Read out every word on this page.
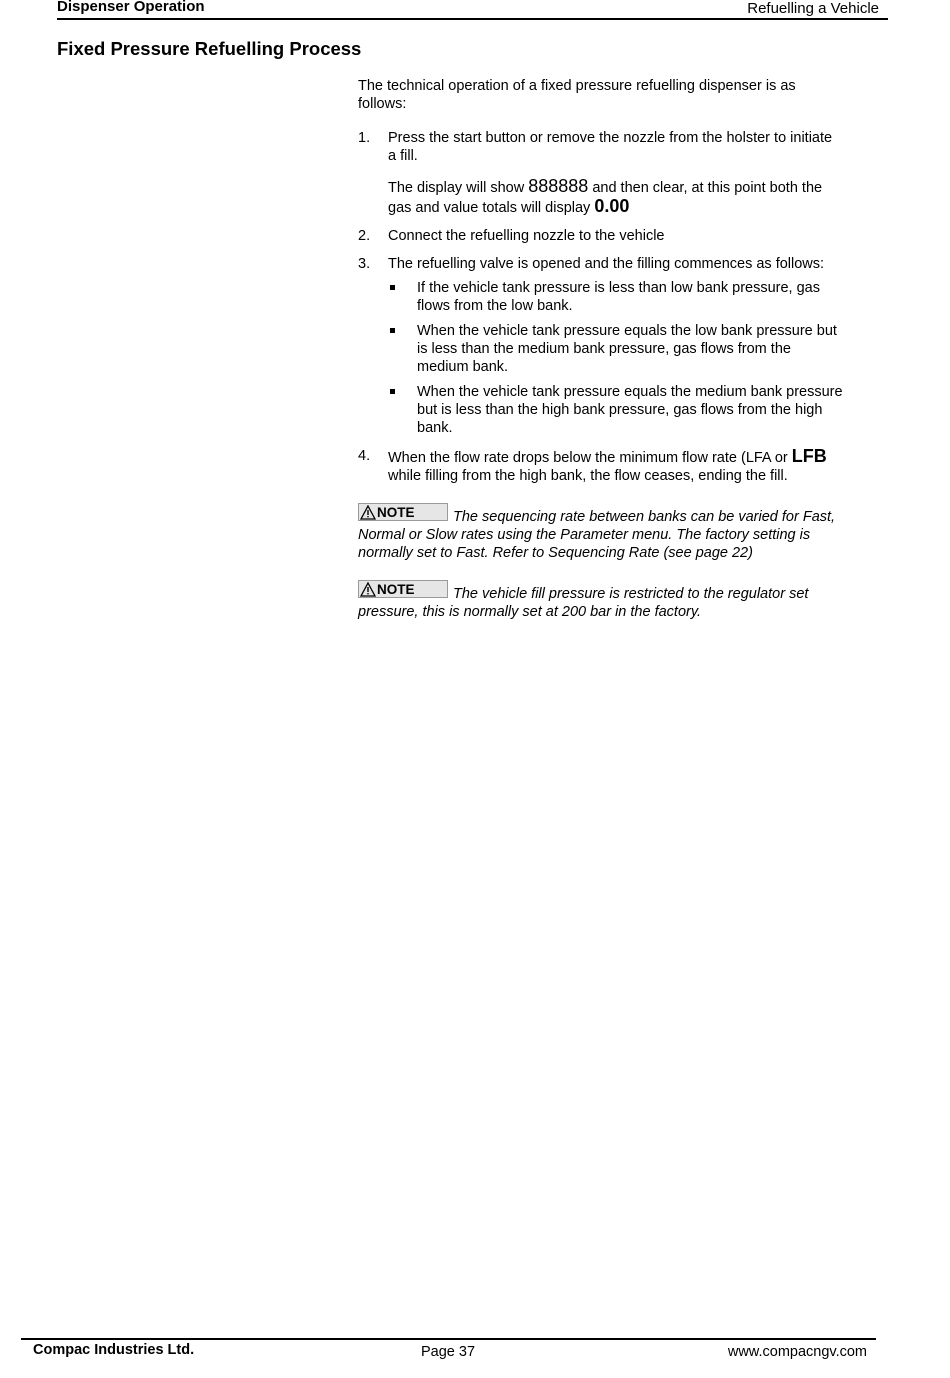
Dispenser Operation	Refuelling a Vehicle
Fixed Pressure Refuelling Process

The technical operation of a fixed pressure refuelling dispenser is as follows:

1. Press the start button or remove the nozzle from the holster to initiate a fill.
The display will show 888888 and then clear, at this point both the gas and value totals will display 0.00
2. Connect the refuelling nozzle to the vehicle
3. The refuelling valve is opened and the filling commences as follows:
If the vehicle tank pressure is less than low bank pressure, gas flows from the low bank.
When the vehicle tank pressure equals the low bank pressure but is less than the medium bank pressure, gas flows from the medium bank.
When the vehicle tank pressure equals the medium bank pressure but is less than the high bank pressure, gas flows from the high bank.
4. When the flow rate drops below the minimum flow rate (LFA or LFB while filling from the high bank, the flow ceases, ending the fill.
NOTE	The sequencing rate between banks can be varied for Fast, Normal or Slow rates using the Parameter menu. The factory setting is normally set to Fast. Refer to Sequencing Rate (see page 22)
NOTE	The vehicle fill pressure is restricted to the regulator set pressure, this is normally set at 200 bar in the factory.
Compac Industries Ltd.	Page 37	www.compacngv.com
